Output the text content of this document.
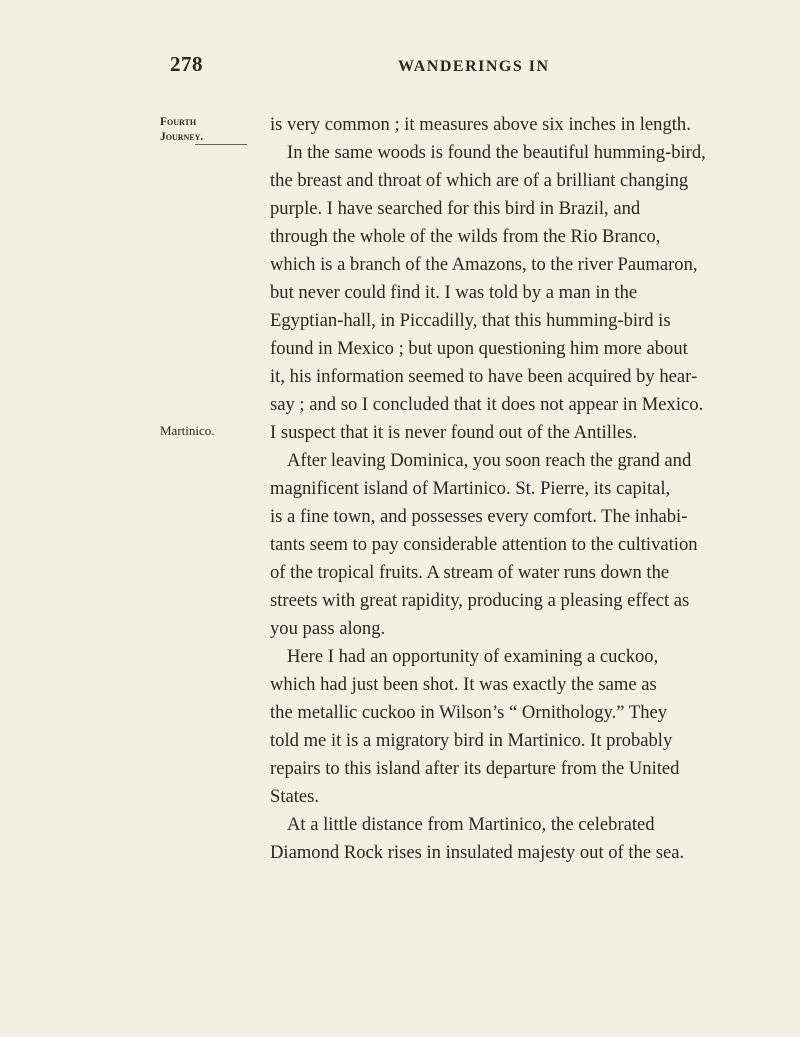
278	WANDERINGS IN
Fourth
Journey.
Martinico.
is very common ; it measures above six inches in length.
In the same woods is found the beautiful humming-bird,
the breast and throat of which are of a brilliant changing
purple. I have searched for this bird in Brazil, and
through the whole of the wilds from the Rio Branco,
which is a branch of the Amazons, to the river Paumaron,
but never could find it. I was told by a man in the
Egyptian-hall, in Piccadilly, that this humming-bird is
found in Mexico ; but upon questioning him more about
it, his information seemed to have been acquired by hear-
say ; and so I concluded that it does not appear in Mexico.
I suspect that it is never found out of the Antilles.
After leaving Dominica, you soon reach the grand and
magnificent island of Martinico. St. Pierre, its capital,
is a fine town, and possesses every comfort. The inhabi-
tants seem to pay considerable attention to the cultivation
of the tropical fruits. A stream of water runs down the
streets with great rapidity, producing a pleasing effect as
you pass along.
Here I had an opportunity of examining a cuckoo,
which had just been shot. It was exactly the same as
the metallic cuckoo in Wilson’s “ Ornithology.” They
told me it is a migratory bird in Martinico. It probably
repairs to this island after its departure from the United
States.
At a little distance from Martinico, the celebrated
Diamond Rock rises in insulated majesty out of the sea.
